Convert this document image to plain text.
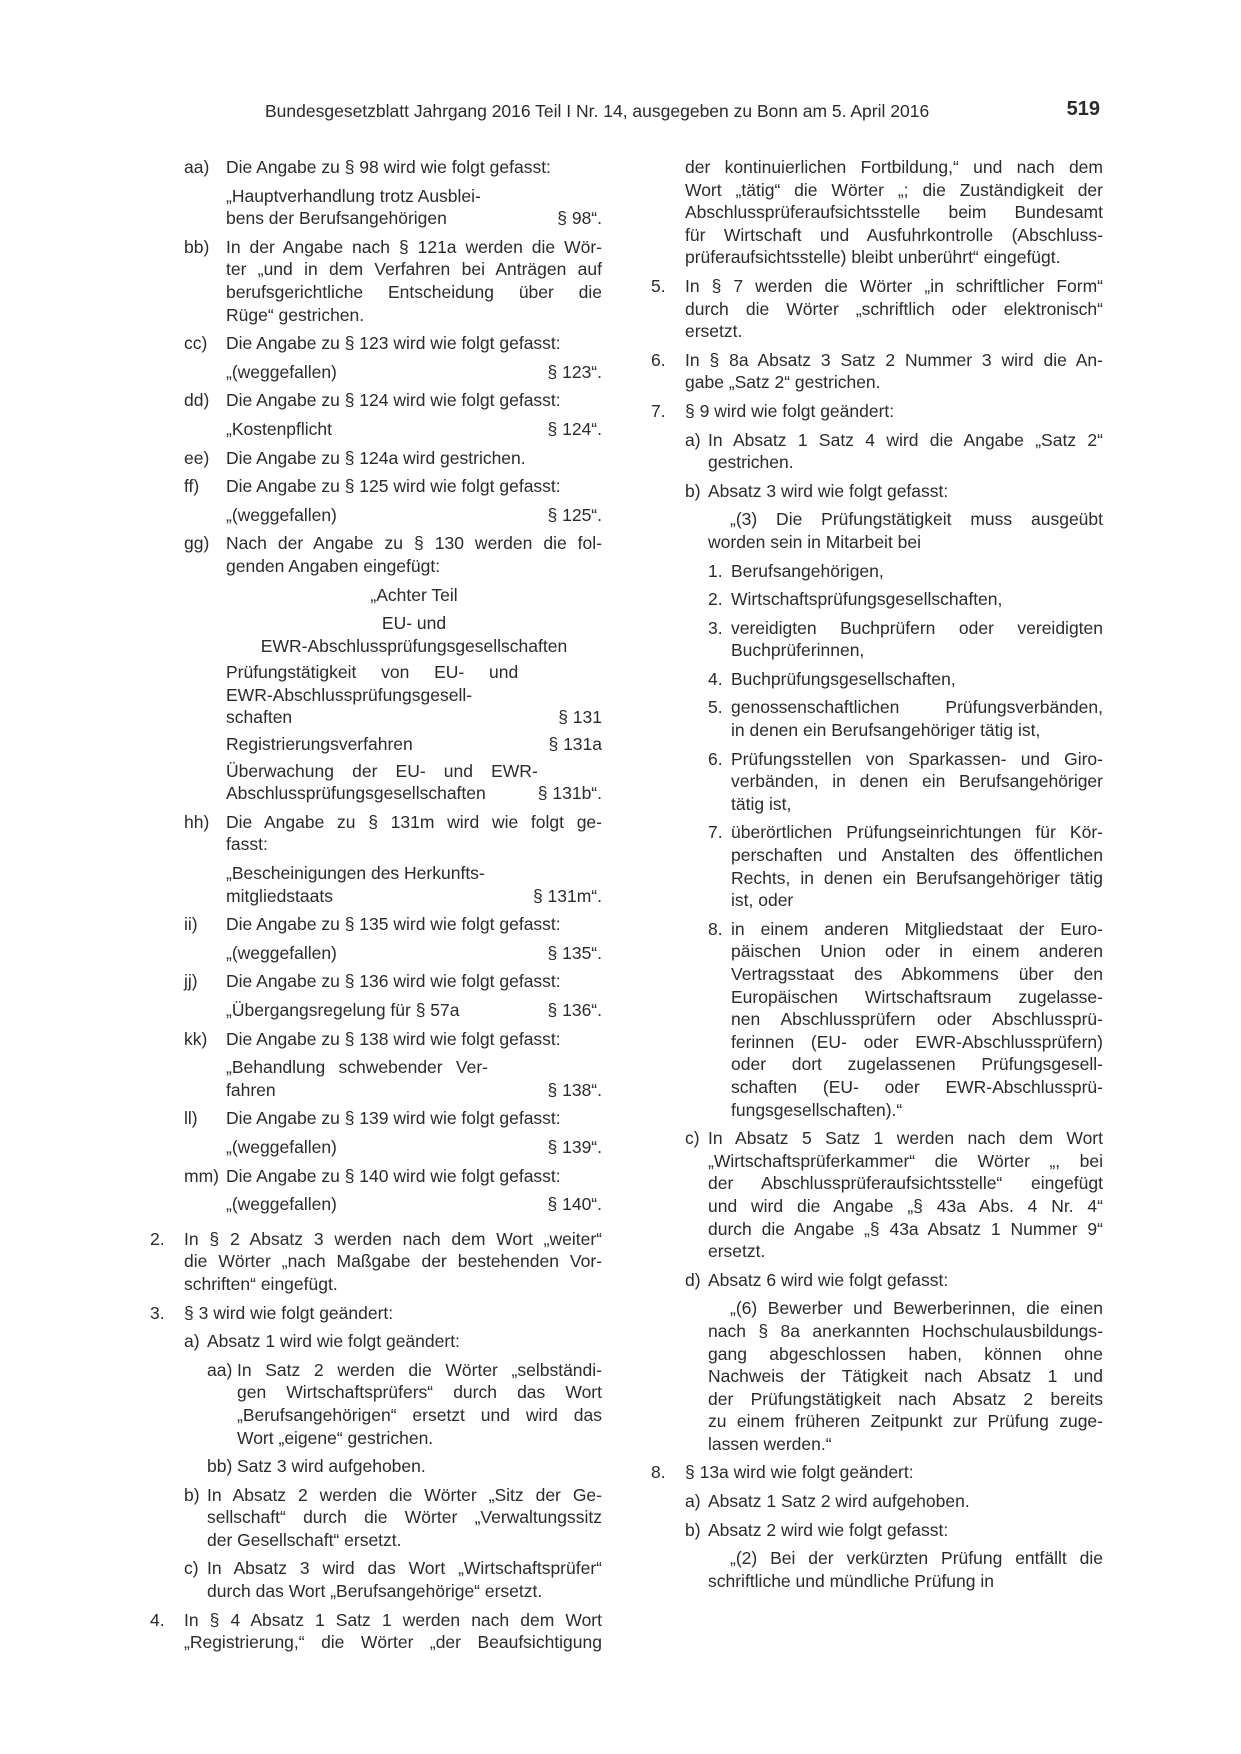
Bundesgesetzblatt Jahrgang 2016 Teil I Nr. 14, ausgegeben zu Bonn am 5. April 2016	519
aa) Die Angabe zu § 98 wird wie folgt gefasst:
„Hauptverhandlung trotz Ausblei-
bens der Berufsangehörigen	§ 98“.
bb) In der Angabe nach § 121a werden die Wör-
ter „und in dem Verfahren bei Anträgen auf
berufsgerichtliche Entscheidung über die
Rüge“ gestrichen.
cc) Die Angabe zu § 123 wird wie folgt gefasst:
„(weggefallen)	§ 123“.
dd) Die Angabe zu § 124 wird wie folgt gefasst:
„Kostenpflicht	§ 124“.
ee) Die Angabe zu § 124a wird gestrichen.
ff) Die Angabe zu § 125 wird wie folgt gefasst:
„(weggefallen)	§ 125“.
gg) Nach der Angabe zu § 130 werden die fol-
genden Angaben eingefügt:
„Achter Teil
EU- und
EWR-Abschlussprüfungsgesellschaften
Prüfungstätigkeit von EU- und
EWR-Abschlussprüfungsgesell-
schaften	§ 131
Registrierungsverfahren	§ 131a
Überwachung der EU- und EWR-
Abschlussprüfungsgesellschaften	§ 131b“.
hh) Die Angabe zu § 131m wird wie folgt ge-
fasst:
„Bescheinigungen des Herkunfts-
mitgliedstaats	§ 131m“.
ii) Die Angabe zu § 135 wird wie folgt gefasst:
„(weggefallen)	§ 135“.
jj) Die Angabe zu § 136 wird wie folgt gefasst:
„Übergangsregelung für § 57a	§ 136“.
kk) Die Angabe zu § 138 wird wie folgt gefasst:
„Behandlung schwebender Ver-
fahren	§ 138“.
ll) Die Angabe zu § 139 wird wie folgt gefasst:
„(weggefallen)	§ 139“.
mm) Die Angabe zu § 140 wird wie folgt gefasst:
„(weggefallen)	§ 140“.
2. In § 2 Absatz 3 werden nach dem Wort „weiter“
die Wörter „nach Maßgabe der bestehenden Vor-
schriften“ eingefügt.
3. § 3 wird wie folgt geändert:
a) Absatz 1 wird wie folgt geändert:
aa) In Satz 2 werden die Wörter „selbständi-
gen Wirtschaftsprüfers“ durch das Wort
„Berufsangehörigen“ ersetzt und wird das
Wort „eigene“ gestrichen.
bb) Satz 3 wird aufgehoben.
b) In Absatz 2 werden die Wörter „Sitz der Ge-
sellschaft“ durch die Wörter „Verwaltungssitz
der Gesellschaft“ ersetzt.
c) In Absatz 3 wird das Wort „Wirtschaftsprüfer“
durch das Wort „Berufsangehörige“ ersetzt.
4. In § 4 Absatz 1 Satz 1 werden nach dem Wort
„Registrierung,“ die Wörter „der Beaufsichtigung
der kontinuierlichen Fortbildung,“ und nach dem
Wort „tätig“ die Wörter „; die Zuständigkeit der
Abschlussprüferaufsichtsstelle beim Bundesamt
für Wirtschaft und Ausfuhrkontrolle (Abschluss-
prüferaufsichtsstelle) bleibt unberührt“ eingefügt.
5. In § 7 werden die Wörter „in schriftlicher Form“
durch die Wörter „schriftlich oder elektronisch“
ersetzt.
6. In § 8a Absatz 3 Satz 2 Nummer 3 wird die An-
gabe „Satz 2“ gestrichen.
7. § 9 wird wie folgt geändert:
a) In Absatz 1 Satz 4 wird die Angabe „Satz 2“
gestrichen.
b) Absatz 3 wird wie folgt gefasst:
„(3) Die Prüfungstätigkeit muss ausgeübt
worden sein in Mitarbeit bei
1. Berufsangehörigen,
2. Wirtschaftsprüfungsgesellschaften,
3. vereidigten Buchprüfern oder vereidigten
Buchprüferinnen,
4. Buchprüfungsgesellschaften,
5. genossenschaftlichen Prüfungsverbänden,
in denen ein Berufsangehöriger tätig ist,
6. Prüfungsstellen von Sparkassen- und Giro-
verbänden, in denen ein Berufsangehöriger
tätig ist,
7. überörtlichen Prüfungseinrichtungen für Kör-
perschaften und Anstalten des öffentlichen
Rechts, in denen ein Berufsangehöriger tätig
ist, oder
8. in einem anderen Mitgliedstaat der Euro-
päischen Union oder in einem anderen
Vertragsstaat des Abkommens über den
Europäischen Wirtschaftsraum zugelasse-
nen Abschlussprüfern oder Abschlussprü-
ferinnen (EU- oder EWR-Abschlussprüfern)
oder dort zugelassenen Prüfungsgesell-
schaften (EU- oder EWR-Abschlussprü-
fungsgesellschaften).“
c) In Absatz 5 Satz 1 werden nach dem Wort
„Wirtschaftsprüferkammer“ die Wörter „, bei
der Abschlussprüferaufsichtsstelle“ eingefügt
und wird die Angabe „§ 43a Abs. 4 Nr. 4“
durch die Angabe „§ 43a Absatz 1 Nummer 9“
ersetzt.
d) Absatz 6 wird wie folgt gefasst:
„(6) Bewerber und Bewerberinnen, die einen
nach § 8a anerkannten Hochschulausbildungs-
gang abgeschlossen haben, können ohne
Nachweis der Tätigkeit nach Absatz 1 und
der Prüfungstätigkeit nach Absatz 2 bereits
zu einem früheren Zeitpunkt zur Prüfung zuge-
lassen werden.“
8. § 13a wird wie folgt geändert:
a) Absatz 1 Satz 2 wird aufgehoben.
b) Absatz 2 wird wie folgt gefasst:
„(2) Bei der verkürzten Prüfung entfällt die
schriftliche und mündliche Prüfung in
